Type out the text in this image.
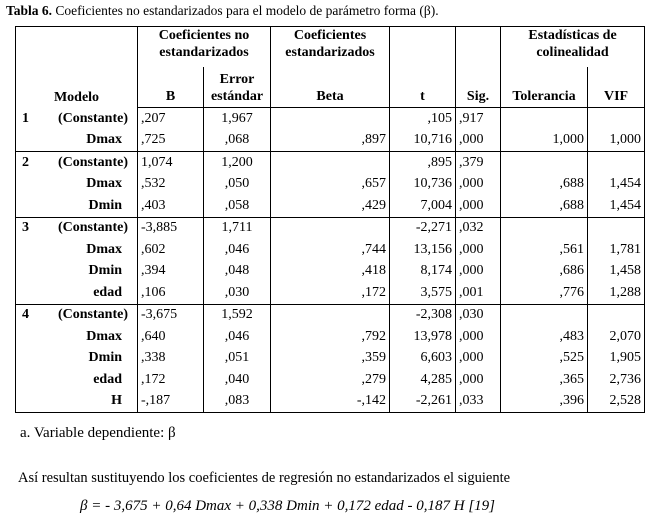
Tabla 6. Coeficientes no estandarizados para el modelo de parámetro forma (β).
Modelo	Coeficientes no estandarizados		Coeficientes estandarizados			Estadísticas de colinealidad	
	B	Error estándar	Beta	t	Sig.	Tolerancia	VIF

1 (Constante)	,207	1,967		,105	,917		

Dmax	,725	,068	,897	10,716	,000	1,000	1,000

2 (Constante)	1,074	1,200		,895	,379		

Dmax	,532	,050	,657	10,736	,000	,688	1,454

Dmin	,403	,058	,429	7,004	,000	,688	1,454

3 (Constante)	-3,885	1,711		-2,271	,032		

Dmax	,602	,046	,744	13,156	,000	,561	1,781

Dmin	,394	,048	,418	8,174	,000	,686	1,458

edad	,106	,030	,172	3,575	,001	,776	1,288

4 (Constante)	-3,675	1,592		-2,308	,030		

Dmax	,640	,046	,792	13,978	,000	,483	2,070

Dmin	,338	,051	,359	6,603	,000	,525	1,905

edad	,172	,040	,279	4,285	,000	,365	2,736

H	-,187	,083	-,142	-2,261	,033	,396	2,528
a. Variable dependiente: β
Así resultan sustituyendo los coeficientes de regresión no estandarizados el siguiente
β = - 3,675 + 0,64 Dmax + 0,338 Dmin + 0,172 edad - 0,187 H [19]
